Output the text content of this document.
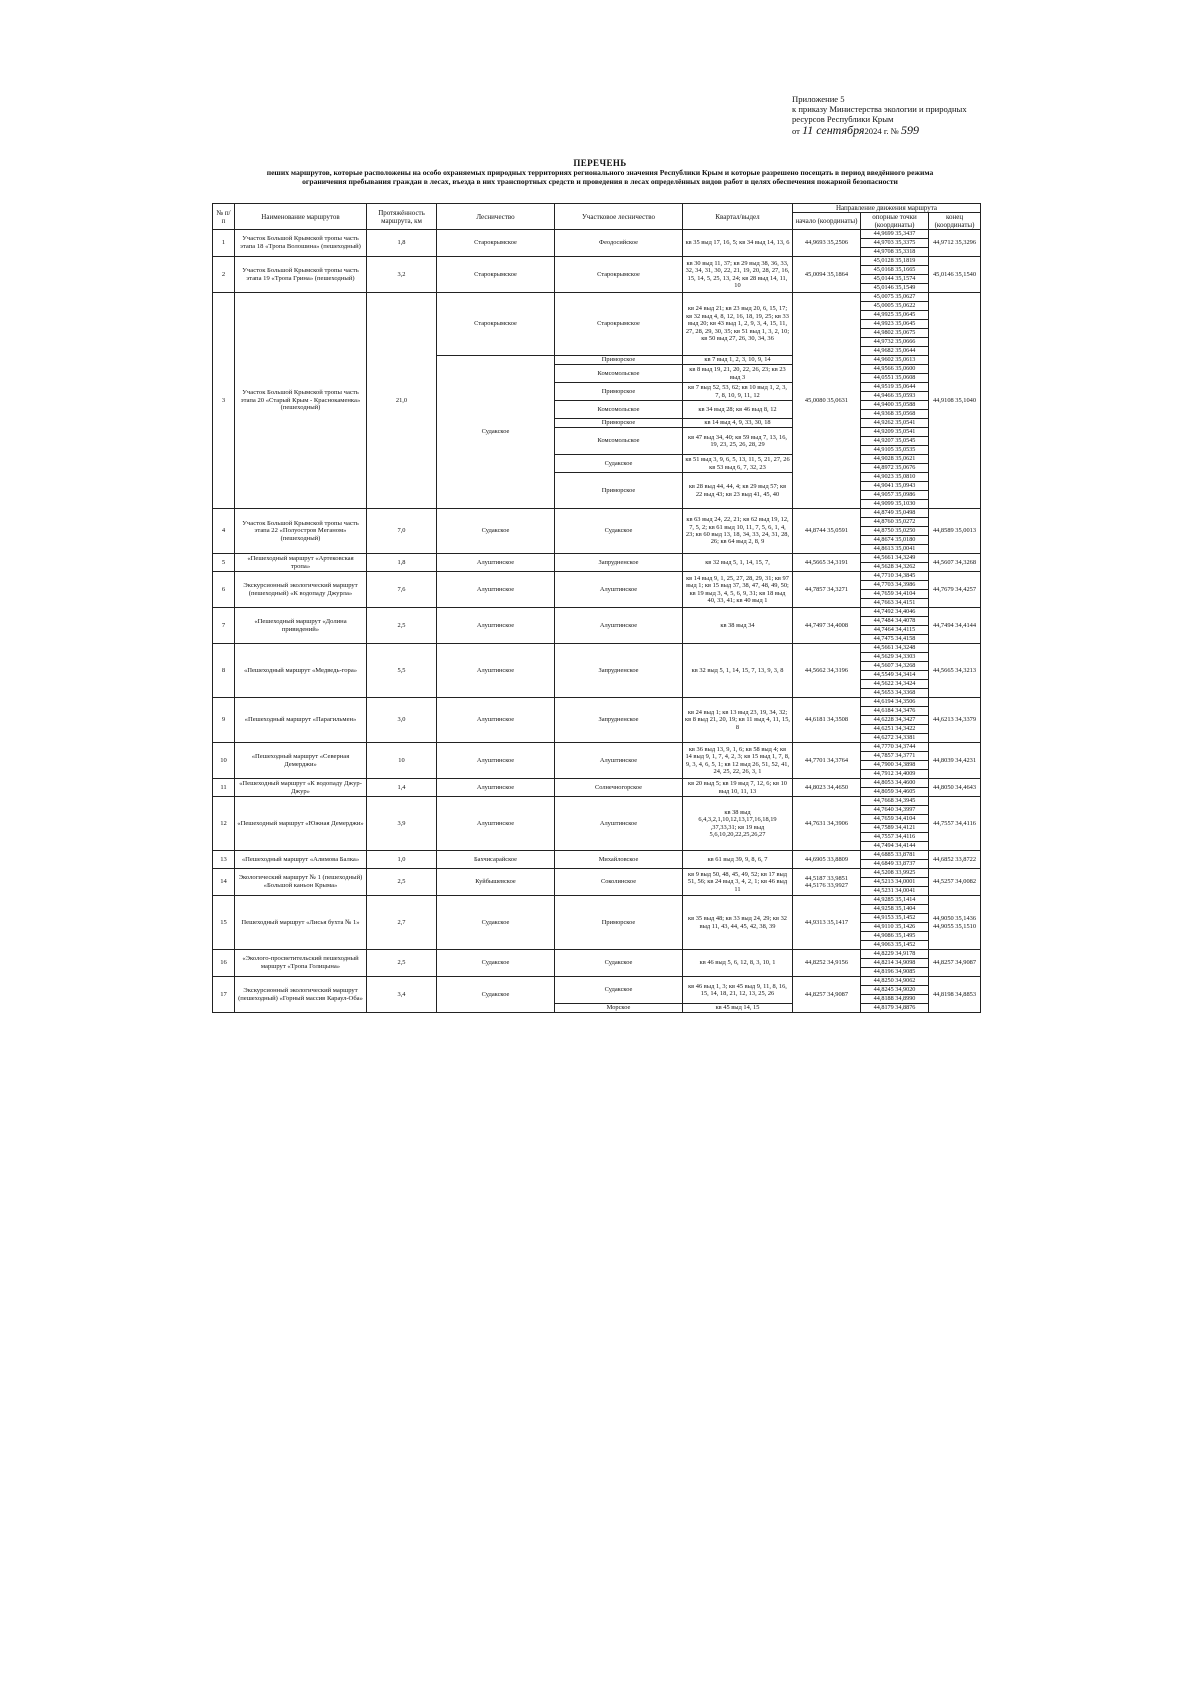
Приложение 5
к приказу Министерства экологии и природных
ресурсов Республики Крым
от 11 сентября2024 г. № 599
ПЕРЕЧЕНЬ
пеших маршрутов, которые расположены на особо охраняемых природных территориях регионального значения Республики Крым и которые разрешено посещать в период введённого режима
ограничения пребывания граждан в лесах, въезда в них транспортных средств и проведения в лесах определённых видов работ в целях обеспечения пожарной безопасности
№ п/п	Наименование маршрутов	Протяжённость маршрута, км	Лесничество	Участковое лесничество	Квартал/выдел	Направление движения маршрута		
						начало (координаты)	опорные точки (координаты)	конец (координаты)
1	Участок Большой Крымской тропы часть этапа 18 «Тропа Волошина» (пешеходный)	1,8	Старокрымское	Феодосийское	кв 35 выд 17, 16, 5; кв 34 выд 14, 13, 6	44,9693 35,2506	44,9699 35,3437	44,9712 35,3296
							44,9703 35,3375	
							44,9708 35,3318	
2	Участок Большой Крымской тропы часть этапа 19 «Тропа Грина» (пешеходный)	3,2	Старокрымское	Старокрымское	кв 30 выд 11, 37; кв 29 выд 38, 36, 33, 32, 34, 31, 30, 22, 21, 19, 20, 28, 27, 16, 15, 14, 5, 25, 13, 24; кв 28 выд 14, 11, 10	45,0094 35,1864	45,0128 35,1819	45,0146 35,1540
							45,0168 35,1665	
							45,0144 35,1574	
							45,0146 35,1549	
3	Участок Большой Крымской тропы часть этапа 20 «Старый Крым - Краснокаменка» (пешеходный)	21,0	Старокрымское	Старокрымское	кв 24 выд 21; кв 23 выд 20, 6, 15, 17; кв 32 выд 4, 8, 12, 16, 18, 19, 25; кв 33 выд 20; кв 43 выд 1, 2, 9, 3, 4, 15, 11, 27, 28, 29, 30, 35; кв 51 выд 1, 3, 2, 10; кв 50 выд 27, 26, 30, 34, 36	45,0080 35,0631	45,0075 35,0627	44,9108 35,1040
							45,0005 35,0622	
							44,9925 35,0645	
							44,9923 35,0645	
							44,9802 35,0675	
							44,9732 35,0666	
							44,9682 35,0644	
			Судакское	Приморское	кв 7 выд 1, 2, 3, 10, 9, 14		44,9602 35,0613	
				Комсомольское	кв 8 выд 19, 21, 20, 22, 26, 23; кв 23 выд 3		44,9566 35,0600	
							44,0551 35,0608	
				Приморское	кв 7 выд 52, 53, 62; кв 10 выд 1, 2, 3, 7, 8, 10, 9, 11, 12		44,9519 35,0644	
							44,9466 35,0593	
				Комсомольское	кв 34 выд 28; кв 46 выд 8, 12		44,9400 35,0588	
							44,9368 35,0568	
				Приморское	кв 14 выд 4, 9, 33, 30, 18		44,9262 35,0541	
				Комсомольское	кв 47 выд 34, 40; кв 59 выд 7, 13, 16, 19, 23, 25, 26, 28, 29		44,9209 35,0541	
							44,9207 35,0545	
							44,9105 35,0535	
				Судакское	кв 51 выд 3, 9, 6, 5, 13, 11, 5, 21, 27, 26 кв 53 выд 6, 7, 32, 23		44,9028 35,0621	
							44,8972 35,0676	
				Приморское	кв 28 выд 44, 44, 4; кв 29 выд 57; кв 22 выд 43; кв 23 выд 41, 45, 40		44,9023 35,0810	
							44,9041 35,0943	
							44,9057 35,0986	
							44,9099 35,1030	
4	Участок Большой Крымской тропы часть этапа 22 «Полуостров Меганом» (пешеходный)	7,0	Судакское	Судакское	кв 63 выд 24, 22, 21; кв 62 выд 19, 12, 7, 5, 2; кв 61 выд 10, 11, 7, 5, 6, 1, 4, 23; кв 60 выд 13, 18, 34, 33, 24, 31, 28, 26; кв 64 выд 2, 8, 9	44,8744 35,0591	44,8749 35,0498	44,8589 35,0013
							44,8760 35,0272	
							44,8750 35,0250	
							44,8674 35,0180	
							44,8613 35,0041	
5	«Пешеходный маршрут «Артековская тропа»	1,8	Алуштинское	Запрудненское	кв 32 выд 5, 1, 14, 15, 7,	44,5665 34,3191	44,5661 34,3249	44,5607 34,3268
							44,5628 34,3262	
6	Экскурсионный экологический маршрут (пешеходный) «К водопаду Джурла»	7,6	Алуштинское	Алуштинское	кв 14 выд 9, 1, 25, 27, 28, 29, 31; кв 97 выд 1; кв 15 выд 37, 38, 47, 48, 49, 50; кв 19 выд 3, 4, 5, 6, 9, 31; кв 18 выд 40, 33, 41; кв 40 выд 1	44,7857 34,3271	44,7710 34,3845	44,7679 34,4257
							44,7703 34,3986	
							44,7659 34,4104	
							44,7663 34,4151	
7	«Пешеходный маршрут «Долина привидений»	2,5	Алуштинское	Алуштинское	кв 38 выд 34	44,7497 34,4008	44,7492 34,4046	44,7494 34,4144
							44,7484 34,4078	
							44,7464 34,4115	
							44,7475 34,4158	
8	«Пешеходный маршрут «Медведь-гора»	5,5	Алуштинское	Запрудненское	кв 32 выд 5, 1, 14, 15, 7, 13, 9, 3, 8	44,5662 34,3196	44,5661 34,3248	44,5665 34,3213
							44,5629 34,3303	
							44,5607 34,3268	
							44,5549 34,3414	
							44,5622 34,3424	
							44,5653 34,3368	
9	«Пешеходный маршрут «Парагильмен»	3,0	Алуштинское	Запрудненское	кв 24 выд 1; кв 13 выд 23, 19, 34, 32; кв 8 выд 21, 20, 19; кв 11 выд 4, 11, 15, 8	44,6181 34,3508	44,6194 34,3506	44,6213 34,3379
							44,6184 34,3476	
							44,6228 34,3427	
							44,6251 34,3422	
							44,6272 34,3381	
10	«Пешеходный маршрут «Северная Демерджи»	10	Алуштинское	Алуштинское	кв 36 выд 13, 9, 1, 6; кв 58 выд 4; кв 14 выд 9, 1, 7, 4, 2, 3; кв 15 выд 1, 7, 8, 9, 3, 4, 6, 5, 1; кв 12 выд 26, 51, 52, 41, 24, 25, 22, 26, 3, 1	44,7701 34,3764	44,7770 34,3744	44,8039 34,4231
							44,7857 34,3771	
							44,7900 34,3898	
							44,7912 34,4009	
11	«Пешеходный маршрут «К водопаду Джур-Джур»	1,4	Алуштинское	Солнечногорское	кв 20 выд 5; кв 19 выд 7, 12, 6; кв 10 выд 10, 11, 13	44,8023 34,4650	44,8053 34,4600	44,8050 34,4643
							44,8059 34,4605	
12	«Пешеходный маршрут «Южная Демерджи»	3,9	Алуштинское	Алуштинское	кв 38 выд 6,4,3,2,1,10,12,13,17,16,18,19 ,37,33,31; кв 19 выд 5,6,10,20,22,25,26,27	44,7631 34,3906	44,7668 34,3945	44,7557 34,4116
							44,7640 34,3997	
							44,7659 34,4104	
							44,7589 34,4121	
							44,7557 34,4116	
							44,7494 34,4144	
13	«Пешеходный маршрут «Алимова Балка»	1,0	Бахчисарайское	Михайловское	кв 61 выд 39, 9, 8, 6, 7	44,6905 33,8809	44,6885 33,8781	44,6852 33,8722
							44,6849 33,8737	
14	Экологический маршрут № 1 (пешеходный) «Большой каньон Крыма»	2,5	Куйбышевское	Соколинское	кв 9 выд 50, 48, 45, 49, 52; кв 17 выд 51, 56; кв 24 выд 3, 4, 2, 1; кв 46 выд 11	44,5187 33,9851 44,5176 33,9927	44,5208 33,9925	44,5257 34,0082
							44,5213 34,0001	
							44,5231 34,0041	
15	Пешеходный маршрут «Лисья бухта № 1»	2,7	Судакское	Приморское	кв 35 выд 48; кв 33 выд 24, 29; кв 32 выд 11, 43, 44, 45, 42, 38, 39	44,9313 35,1417	44,9285 35,1414	44,9050 35,1436 44,9055 35,1510
							44,9258 35,1404	
							44,9153 35,1452	
							44,9110 35,1426	
							44,9086 35,1495	
							44,9063 35,1452	
16	«Эколого-просветительский пешеходный маршрут «Тропа Голицына»	2,5	Судакское	Судакское	кв 46 выд 5, 6, 12, 8, 3, 10, 1	44,8252 34,9156	44,8229 34,9178	44,8257 34,9087
							44,8214 34,9098	
							44,8196 34,9085	
17	Экскурсионный экологический маршрут (пешеходный) «Горный массив Караул-Оба»	3,4	Судакское	Судакское	кв 46 выд 1, 3; кв 45 выд 9, 11, 8, 16, 15, 14, 18, 21, 12, 13, 25, 26	44,8257 34,9087	44,8250 34,9062	44,8198 34,8853
							44,8245 34,9020	
							44,8188 34,8990	
				Морское	кв 45 выд 14, 15		44,8179 34,8876	
